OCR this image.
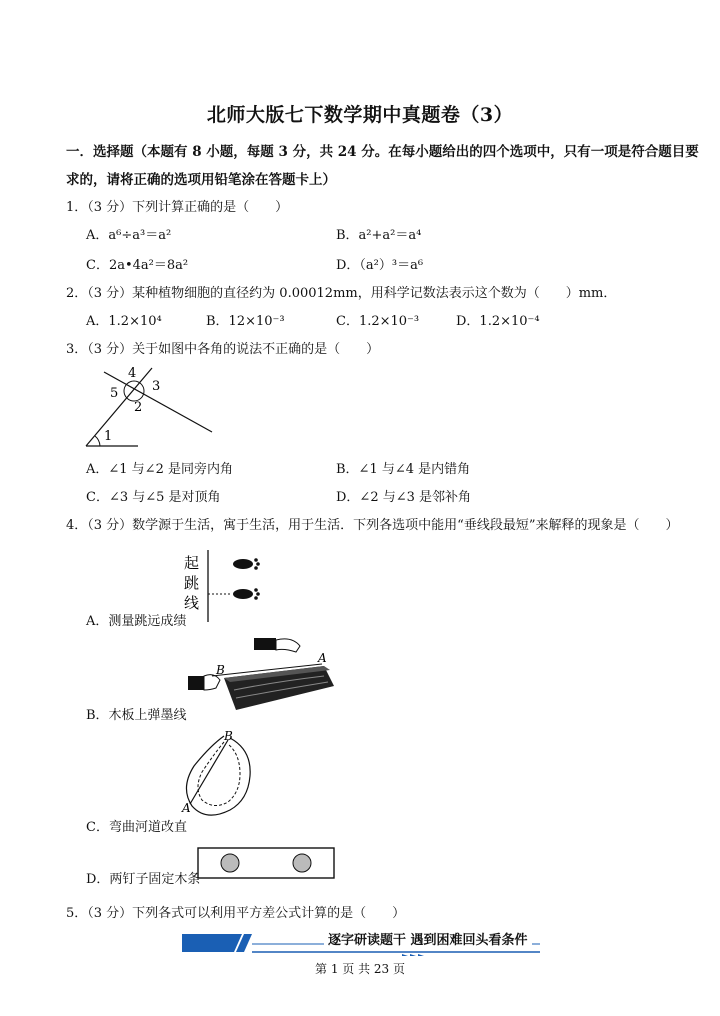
北师大版七下数学期中真题卷（3）
一．选择题（本题有 8 小题，每题 3 分，共 24 分。在每小题给出的四个选项中，只有一项是符合题目要
求的，请将正确的选项用铅笔涂在答题卡上）
1．（3 分）下列计算正确的是（　　）
A．a⁶÷a³＝a²	B．a²+a²＝a⁴
C．2a•4a²＝8a²	D．（a²）³＝a⁶
2．（3 分）某种植物细胞的直径约为 0.00012mm，用科学记数法表示这个数为（　　）mm．
A．1.2×10⁴	B．12×10⁻³	C．1.2×10⁻³	D．1.2×10⁻⁴
3．（3 分）关于如图中各角的说法不正确的是（　　）
4
5	3
2
1
A．∠1 与∠2 是同旁内角	B．∠1 与∠4 是内错角
C．∠3 与∠5 是对顶角	D．∠2 与∠3 是邻补角
4．（3 分）数学源于生活，寓于生活，用于生活．下列各选项中能用“垂线段最短”来解释的现象是（　　）
起
跳
线
A．测量跳远成绩
B
A
B．木板上弹墨线
B
A
C．弯曲河道改直
D．两钉子固定木条
5．（3 分）下列各式可以利用平方差公式计算的是（　　）
逐字研读题干 遇到困难回头看条件
第 1 页 共 23 页
